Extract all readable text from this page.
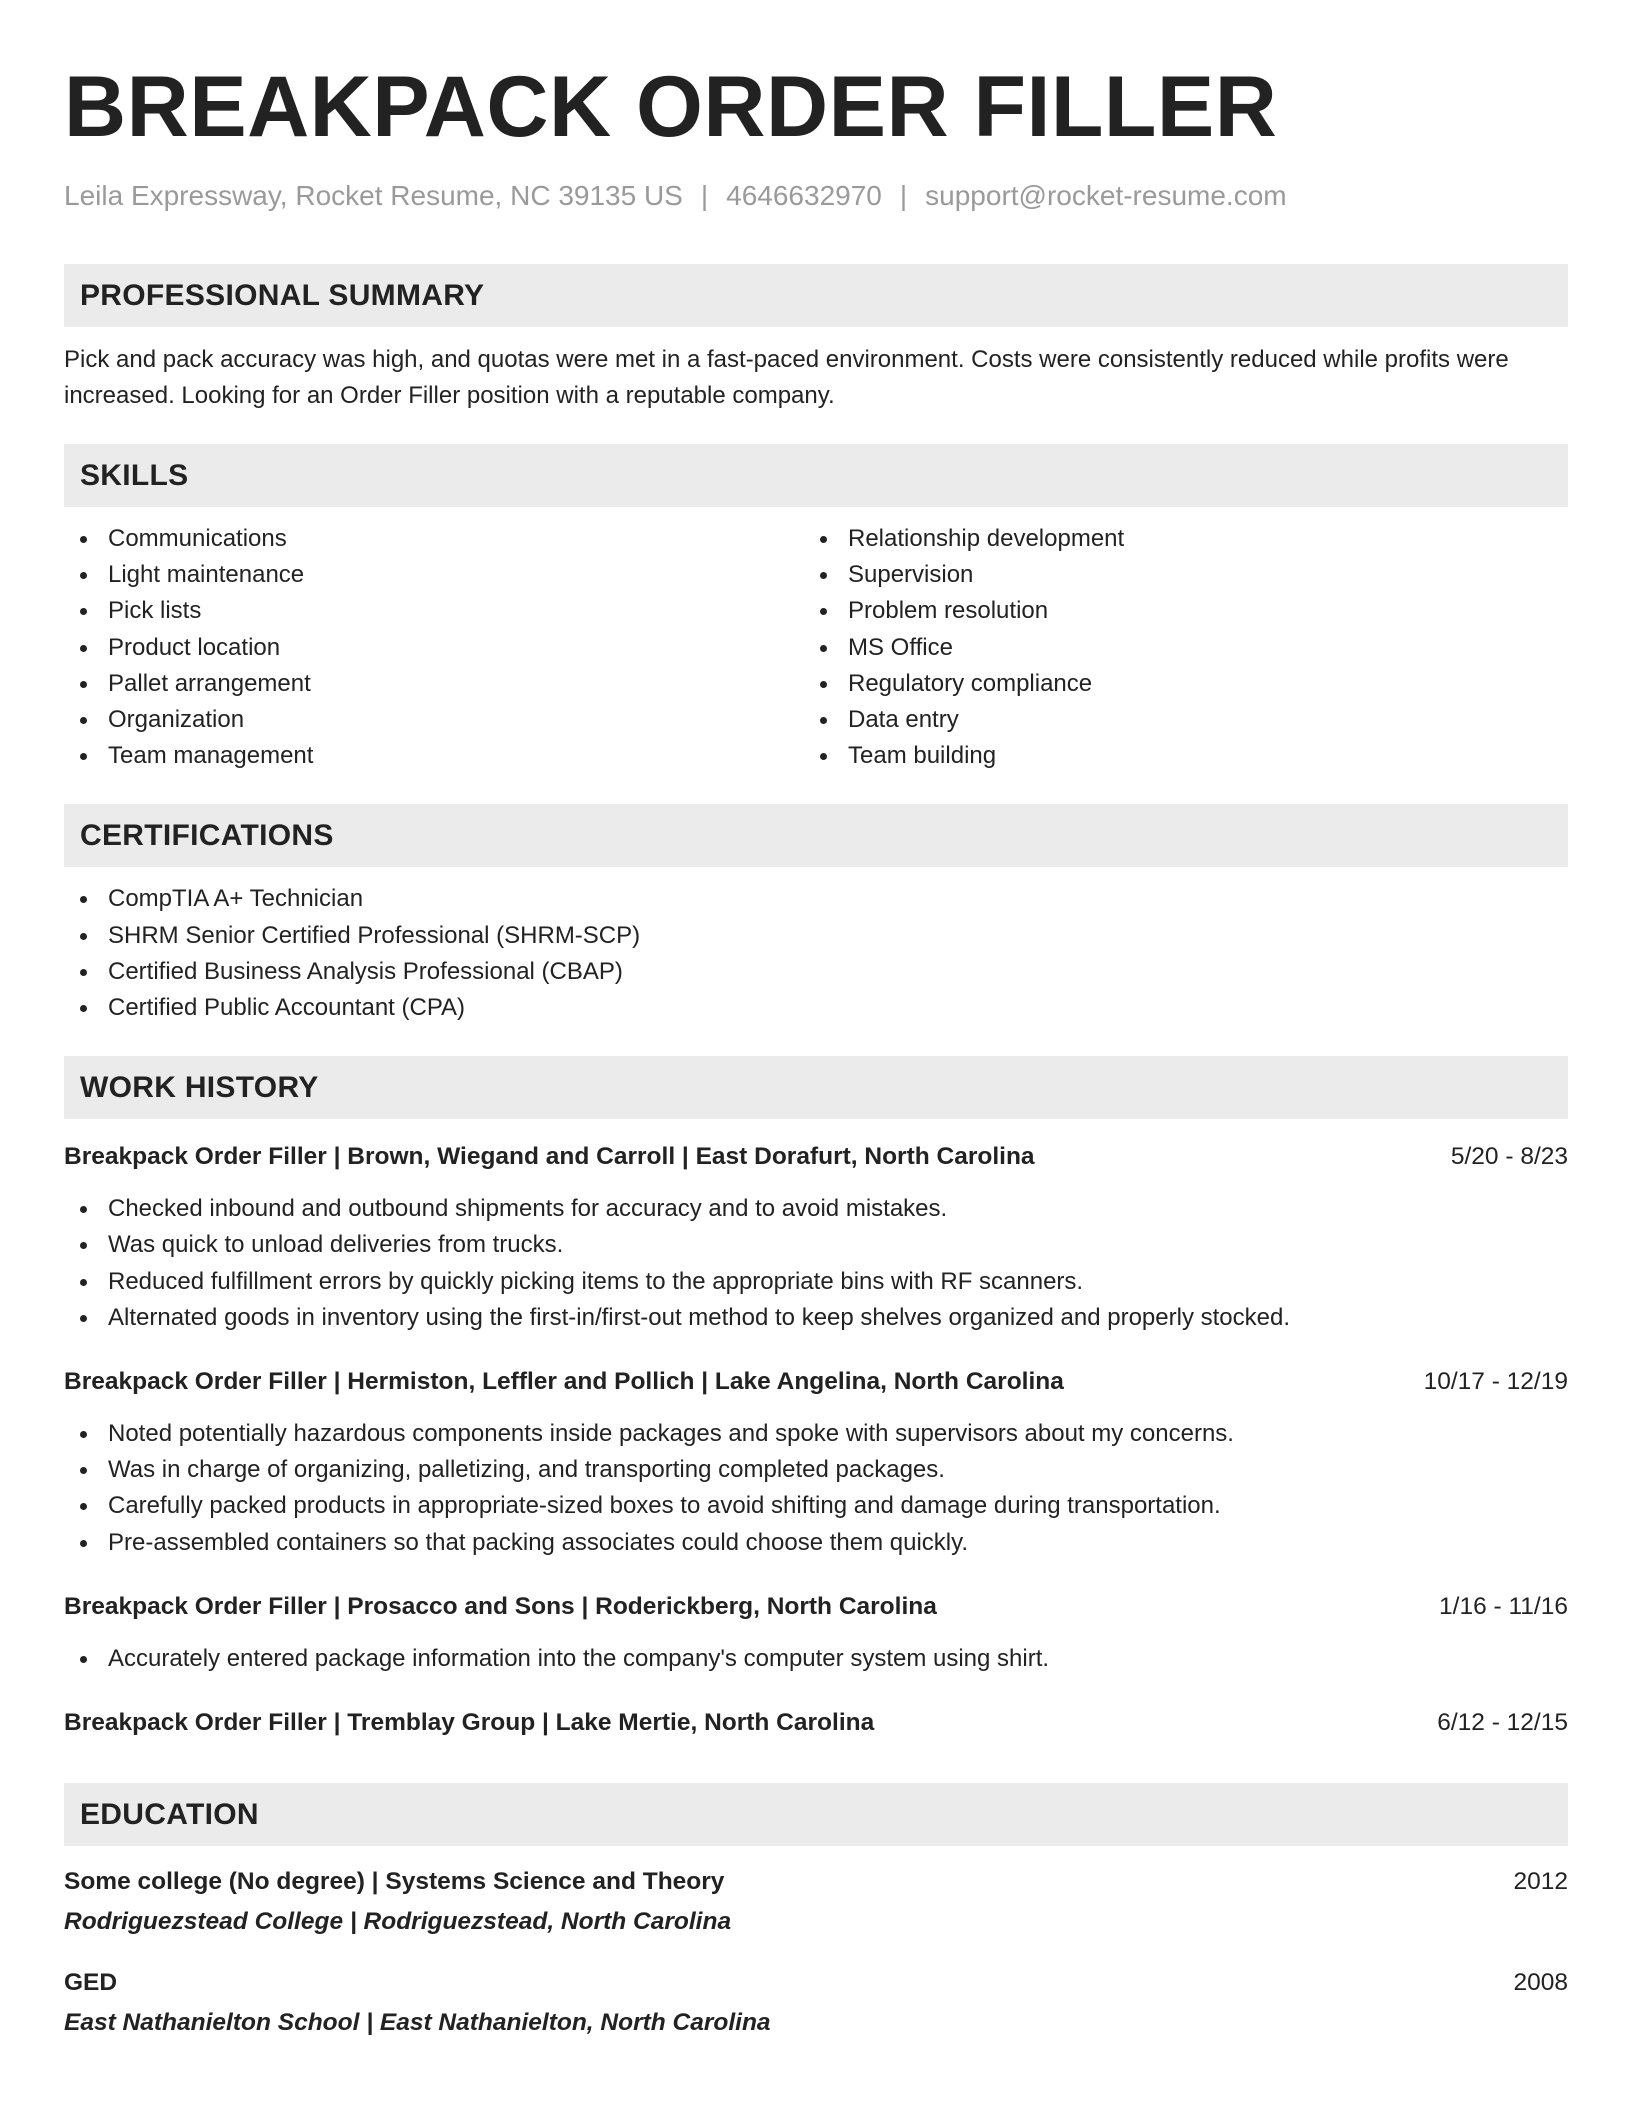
BREAKPACK ORDER FILLER
Leila Expressway, Rocket Resume, NC 39135 US | 4646632970 | support@rocket-resume.com
PROFESSIONAL SUMMARY

Pick and pack accuracy was high, and quotas were met in a fast-paced environment. Costs were consistently reduced while profits were increased. Looking for an Order Filler position with a reputable company.

SKILLS
Communications
Light maintenance
Pick lists
Product location
Pallet arrangement
Organization
Team management
Relationship development
Supervision
Problem resolution
MS Office
Regulatory compliance
Data entry
Team building
CERTIFICATIONS
CompTIA A+ Technician
SHRM Senior Certified Professional (SHRM-SCP)
Certified Business Analysis Professional (CBAP)
Certified Public Accountant (CPA)
WORK HISTORY
Breakpack Order Filler | Brown, Wiegand and Carroll | East Dorafurt, North Carolina	5/20 - 8/23
Checked inbound and outbound shipments for accuracy and to avoid mistakes.
Was quick to unload deliveries from trucks.
Reduced fulfillment errors by quickly picking items to the appropriate bins with RF scanners.
Alternated goods in inventory using the first-in/first-out method to keep shelves organized and properly stocked.
Breakpack Order Filler | Hermiston, Leffler and Pollich | Lake Angelina, North Carolina	10/17 - 12/19
Noted potentially hazardous components inside packages and spoke with supervisors about my concerns.
Was in charge of organizing, palletizing, and transporting completed packages.
Carefully packed products in appropriate-sized boxes to avoid shifting and damage during transportation.
Pre-assembled containers so that packing associates could choose them quickly.
Breakpack Order Filler | Prosacco and Sons | Roderickberg, North Carolina	1/16 - 11/16
Accurately entered package information into the company's computer system using shirt.
Breakpack Order Filler | Tremblay Group | Lake Mertie, North Carolina	6/12 - 12/15
EDUCATION
Some college (No degree) | Systems Science and Theory	2012
Rodriguezstead College | Rodriguezstead, North Carolina
GED	2008
East Nathanielton School | East Nathanielton, North Carolina
